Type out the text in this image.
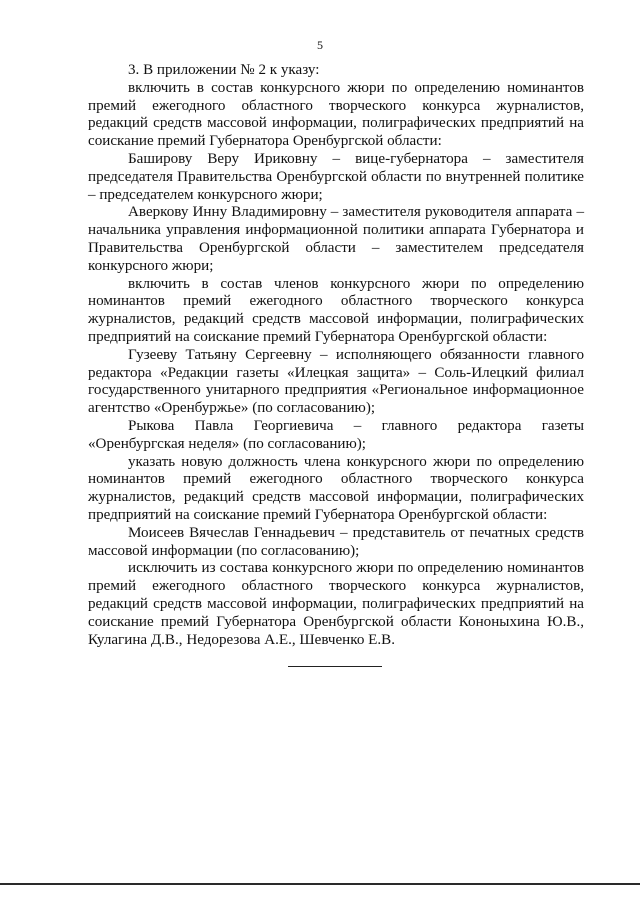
5

3. В приложении № 2 к указу:

включить в состав конкурсного жюри по определению номинантов премий ежегодного областного творческого конкурса журналистов, редакций средств массовой информации, полиграфических предприятий на соискание премий Губернатора Оренбургской области:

Баширову Веру Ириковну – вице-губернатора – заместителя председателя Правительства Оренбургской области по внутренней политике – председателем конкурсного жюри;

Аверкову Инну Владимировну – заместителя руководителя аппарата – начальника управления информационной политики аппарата Губернатора и Правительства Оренбургской области – заместителем председателя конкурсного жюри;

включить в состав членов конкурсного жюри по определению номинантов премий ежегодного областного творческого конкурса журналистов, редакций средств массовой информации, полиграфических предприятий на соискание премий Губернатора Оренбургской области:

Гузееву Татьяну Сергеевну – исполняющего обязанности главного редактора «Редакции газеты «Илецкая защита» – Соль-Илецкий филиал государственного унитарного предприятия «Региональное информационное агентство «Оренбуржье» (по согласованию);

Рыкова Павла Георгиевича – главного редактора газеты «Оренбургская неделя» (по согласованию);

указать новую должность члена конкурсного жюри по определению номинантов премий ежегодного областного творческого конкурса журналистов, редакций средств массовой информации, полиграфических предприятий на соискание премий Губернатора Оренбургской области:

Моисеев Вячеслав Геннадьевич – представитель от печатных средств массовой информации (по согласованию);

исключить из состава конкурсного жюри по определению номинантов премий ежегодного областного творческого конкурса журналистов, редакций средств массовой информации, полиграфических предприятий на соискание премий Губернатора Оренбургской области Кононыхина Ю.В., Кулагина Д.В., Недорезова А.Е., Шевченко Е.В.
